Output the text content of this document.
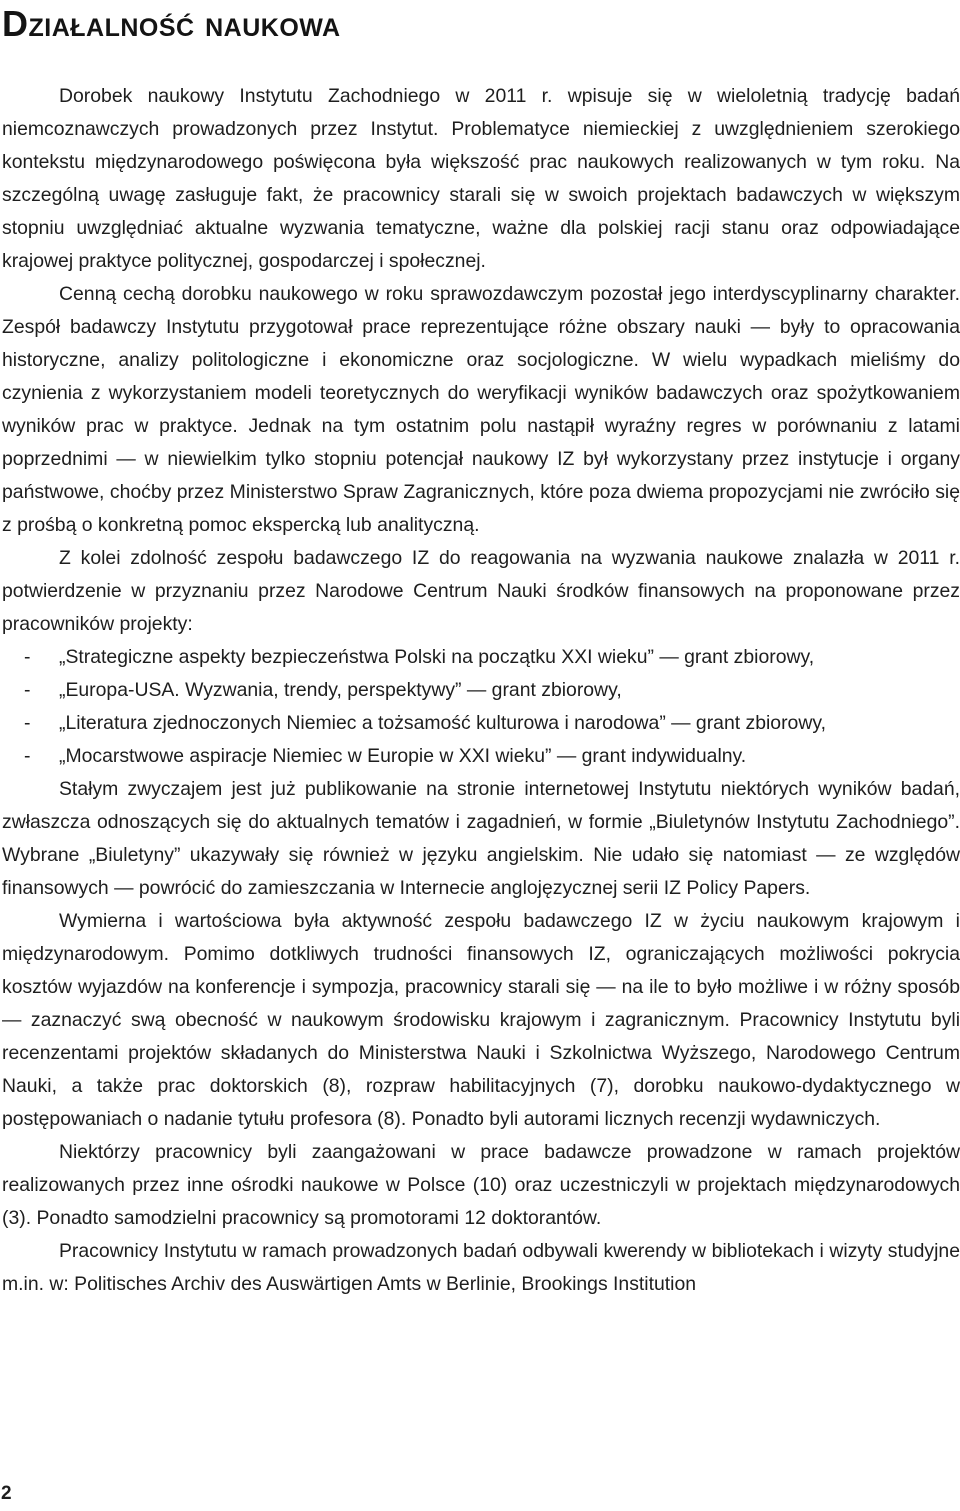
Działalność naukowa

Dorobek naukowy Instytutu Zachodniego w 2011 r. wpisuje się w wieloletnią tradycję badań niemcoznawczych prowadzonych przez Instytut. Problematyce niemieckiej z uwzględnieniem szerokiego kontekstu międzynarodowego poświęcona była większość prac naukowych realizowanych w tym roku. Na szczególną uwagę zasługuje fakt, że pracownicy starali się w swoich projektach badawczych w większym stopniu uwzględniać aktualne wyzwania tematyczne, ważne dla polskiej racji stanu oraz odpowiadające krajowej praktyce politycznej, gospodarczej i społecznej.

Cenną cechą dorobku naukowego w roku sprawozdawczym pozostał jego interdyscyplinarny charakter. Zespół badawczy Instytutu przygotował prace reprezentujące różne obszary nauki — były to opracowania historyczne, analizy politologiczne i ekonomiczne oraz socjologiczne. W wielu wypadkach mieliśmy do czynienia z wykorzystaniem modeli teoretycznych do weryfikacji wyników badawczych oraz spożytkowaniem wyników prac w praktyce. Jednak na tym ostatnim polu nastąpił wyraźny regres w porównaniu z latami poprzednimi — w niewielkim tylko stopniu potencjał naukowy IZ był wykorzystany przez instytucje i organy państwowe, choćby przez Ministerstwo Spraw Zagranicznych, które poza dwiema propozycjami nie zwróciło się z prośbą o konkretną pomoc ekspercką lub analityczną.

Z kolei zdolność zespołu badawczego IZ do reagowania na wyzwania naukowe znalazła w 2011 r. potwierdzenie w przyznaniu przez Narodowe Centrum Nauki środków finansowych na proponowane przez pracowników projekty:

- „Strategiczne aspekty bezpieczeństwa Polski na początku XXI wieku” — grant zbiorowy,
- „Europa-USA. Wyzwania, trendy, perspektywy” — grant zbiorowy,
- „Literatura zjednoczonych Niemiec a tożsamość kulturowa i narodowa” — grant zbiorowy,
- „Mocarstwowe aspiracje Niemiec w Europie w XXI wieku” — grant indywidualny.

Stałym zwyczajem jest już publikowanie na stronie internetowej Instytutu niektórych wyników badań, zwłaszcza odnoszących się do aktualnych tematów i zagadnień, w formie „Biuletynów Instytutu Zachodniego”. Wybrane „Biuletyny” ukazywały się również w języku angielskim. Nie udało się natomiast — ze względów finansowych — powrócić do zamieszczania w Internecie anglojęzycznej serii IZ Policy Papers.

Wymierna i wartościowa była aktywność zespołu badawczego IZ w życiu naukowym krajowym i międzynarodowym. Pomimo dotkliwych trudności finansowych IZ, ograniczających możliwości pokrycia kosztów wyjazdów na konferencje i sympozja, pracownicy starali się — na ile to było możliwe i w różny sposób — zaznaczyć swą obecność w naukowym środowisku krajowym i zagranicznym. Pracownicy Instytutu byli recenzentami projektów składanych do Ministerstwa Nauki i Szkolnictwa Wyższego, Narodowego Centrum Nauki, a także prac doktorskich (8), rozpraw habilitacyjnych (7), dorobku naukowo-dydaktycznego w postępowaniach o nadanie tytułu profesora (8). Ponadto byli autorami licznych recenzji wydawniczych.

Niektórzy pracownicy byli zaangażowani w prace badawcze prowadzone w ramach projektów realizowanych przez inne ośrodki naukowe w Polsce (10) oraz uczestniczyli w projektach międzynarodowych (3). Ponadto samodzielni pracownicy są promotorami 12 doktorantów.

Pracownicy Instytutu w ramach prowadzonych badań odbywali kwerendy w bibliotekach i wizyty studyjne m.in. w: Politisches Archiv des Auswärtigen Amts w Berlinie, Brookings Institution

2
